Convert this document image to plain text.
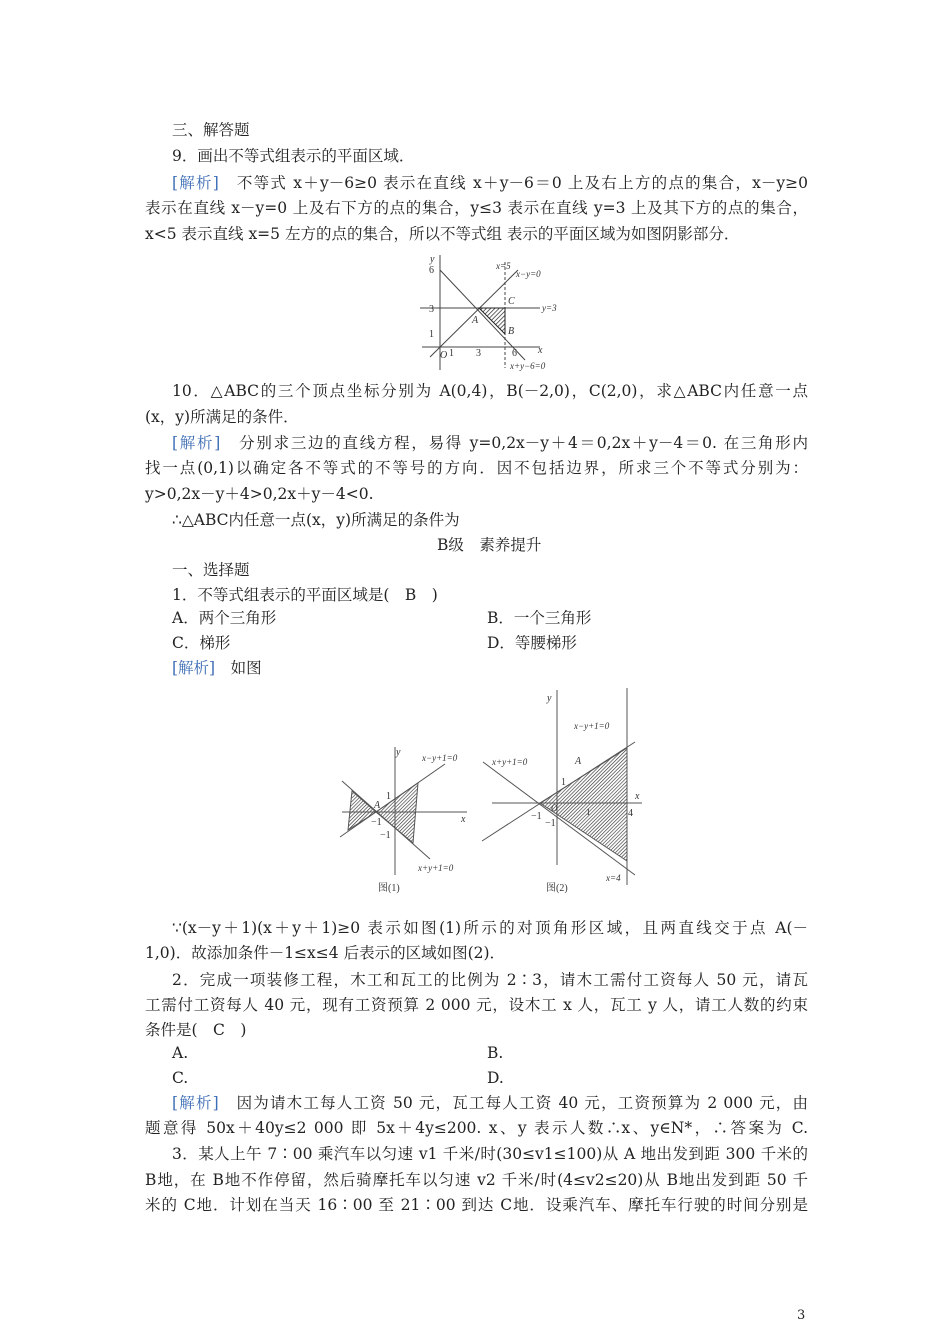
三、解答题
9．画出不等式组表示的平面区域．
[解析]　不等式 x＋y－6≥0 表示在直线 x＋y－6＝0 上及右上方的点的集合，x－y≥0
表示在直线 x－y=0 上及右下方的点的集合，y≤3 表示在直线 y=3 上及其下方的点的集合，
x<5 表示直线 x=5 左方的点的集合，所以不等式组 表示的平面区域为如图阴影部分．
y
6
3
1
O 1 3	6 x
x=5
x−y=0
y=3
x+y−6=0
A
B
C
10．△ABC的三个顶点坐标分别为 A(0,4)，B(－2,0)，C(2,0)，求△ABC内任意一点
(x，y)所满足的条件．
[解析]　分别求三边的直线方程，易得 y=0,2x－y＋4＝0,2x＋y－4＝0. 在三角形内
找一点(0,1)以确定各不等式的不等号的方向．因不包括边界，所求三个不等式分别为：
y>0,2x－y＋4>0,2x＋y－4<0.
∴△ABC内任意一点(x，y)所满足的条件为
B级　素养提升
一、选择题
1．不等式组表示的平面区域是(　B　)
A．两个三角形	B．一个三角形
C．梯形	D．等腰梯形
[解析]　如图
y
x
x−y+1=0
x+y+1=0
A
1
−1
−1
图(1)
y
x
x−y+1=0
x+y+1=0	A
1
O
−1
−1
1	4
x=4
图(2)
∵(x－y＋1)(x＋y＋1)≥0 表示如图(1)所示的对顶角形区域，且两直线交于点 A(－
1,0)．故添加条件－1≤x≤4 后表示的区域如图(2)．
2．完成一项装修工程，木工和瓦工的比例为 2∶3，请木工需付工资每人 50 元，请瓦
工需付工资每人 40 元，现有工资预算 2 000 元，设木工 x 人，瓦工 y 人，请工人数的约束
条件是(　C　)
A.	B.
C.	D.
[解析]　因为请木工每人工资 50 元，瓦工每人工资 40 元，工资预算为 2 000 元，由
题意得 50x＋40y≤2 000 即 5x＋4y≤200. x、y 表示人数∴x、y∈N*，∴答案为 C.
3．某人上午 7∶00 乘汽车以匀速 v1 千米/时(30≤v1≤100)从 A 地出发到距 300 千米的
B地，在 B地不作停留，然后骑摩托车以匀速 v2 千米/时(4≤v2≤20)从 B地出发到距 50 千
米的 C地．计划在当天 16∶00 至 21∶00 到达 C地．设乘汽车、摩托车行驶的时间分别是
3
